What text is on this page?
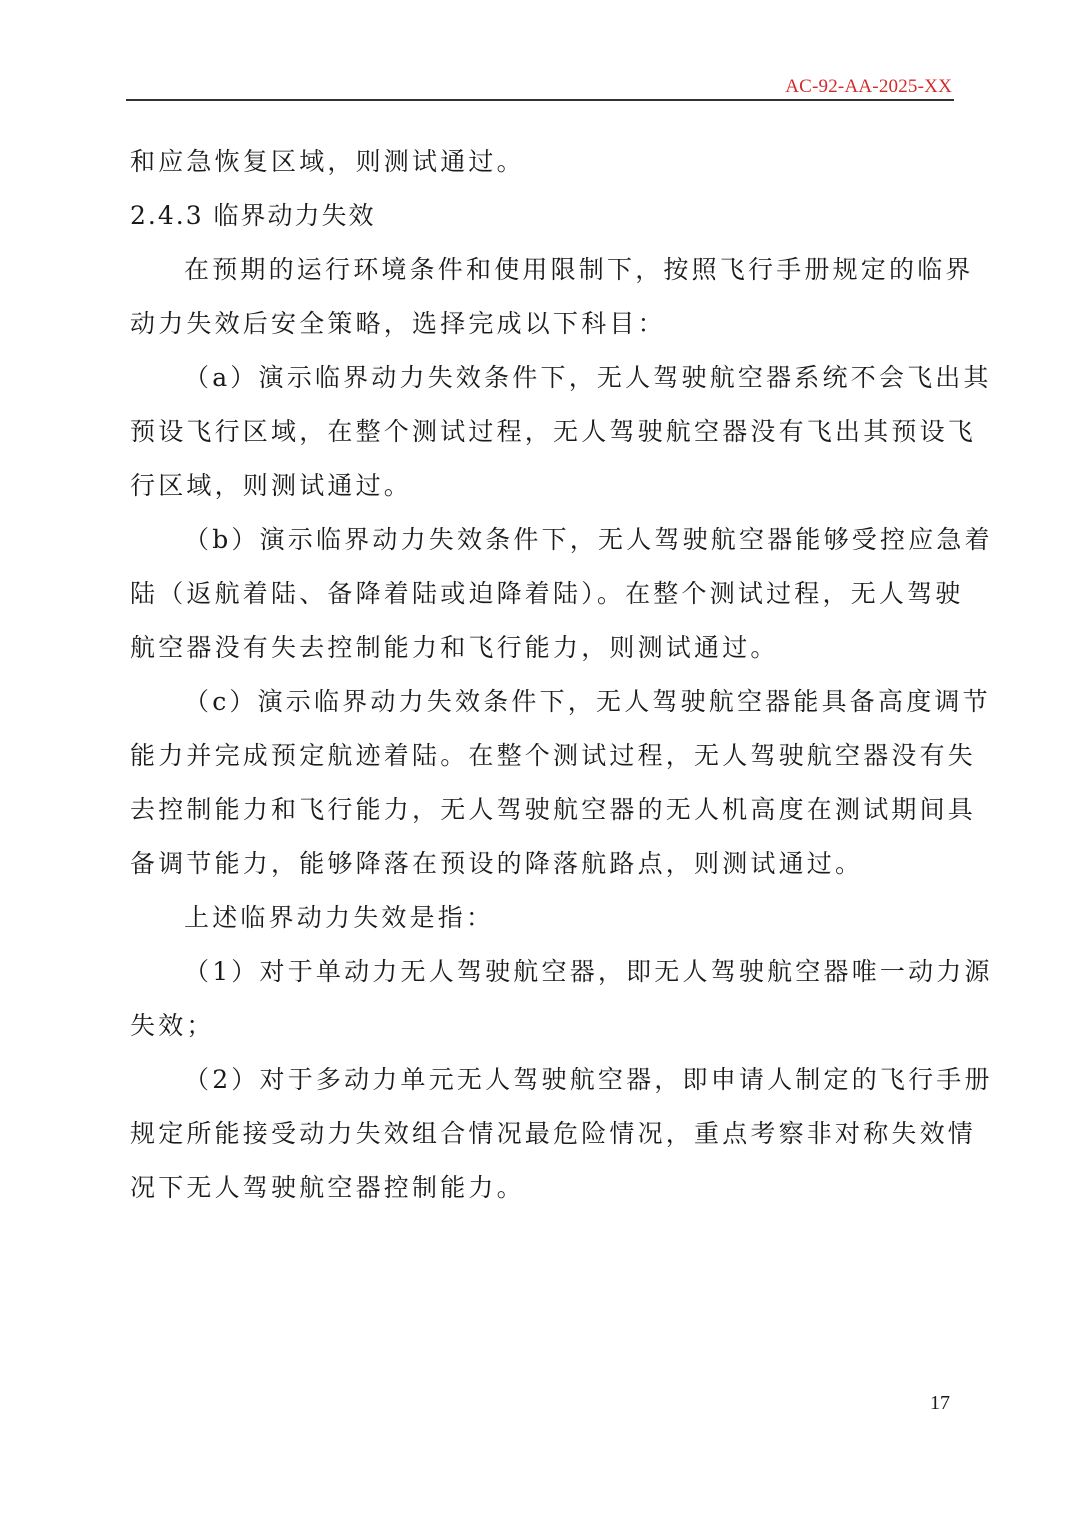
AC-92-AA-2025-XX
和应急恢复区域，则测试通过。
2.4.3 临界动力失效
在预期的运行环境条件和使用限制下，按照飞行手册规定的临界
动力失效后安全策略，选择完成以下科目：
（a）演示临界动力失效条件下，无人驾驶航空器系统不会飞出其
预设飞行区域，在整个测试过程，无人驾驶航空器没有飞出其预设飞
行区域，则测试通过。
（b）演示临界动力失效条件下，无人驾驶航空器能够受控应急着
陆（返航着陆、备降着陆或迫降着陆）。在整个测试过程，无人驾驶
航空器没有失去控制能力和飞行能力，则测试通过。
（c）演示临界动力失效条件下，无人驾驶航空器能具备高度调节
能力并完成预定航迹着陆。在整个测试过程，无人驾驶航空器没有失
去控制能力和飞行能力，无人驾驶航空器的无人机高度在测试期间具
备调节能力，能够降落在预设的降落航路点，则测试通过。
上述临界动力失效是指：
（1）对于单动力无人驾驶航空器，即无人驾驶航空器唯一动力源
失效；
（2）对于多动力单元无人驾驶航空器，即申请人制定的飞行手册
规定所能接受动力失效组合情况最危险情况，重点考察非对称失效情
况下无人驾驶航空器控制能力。
17
